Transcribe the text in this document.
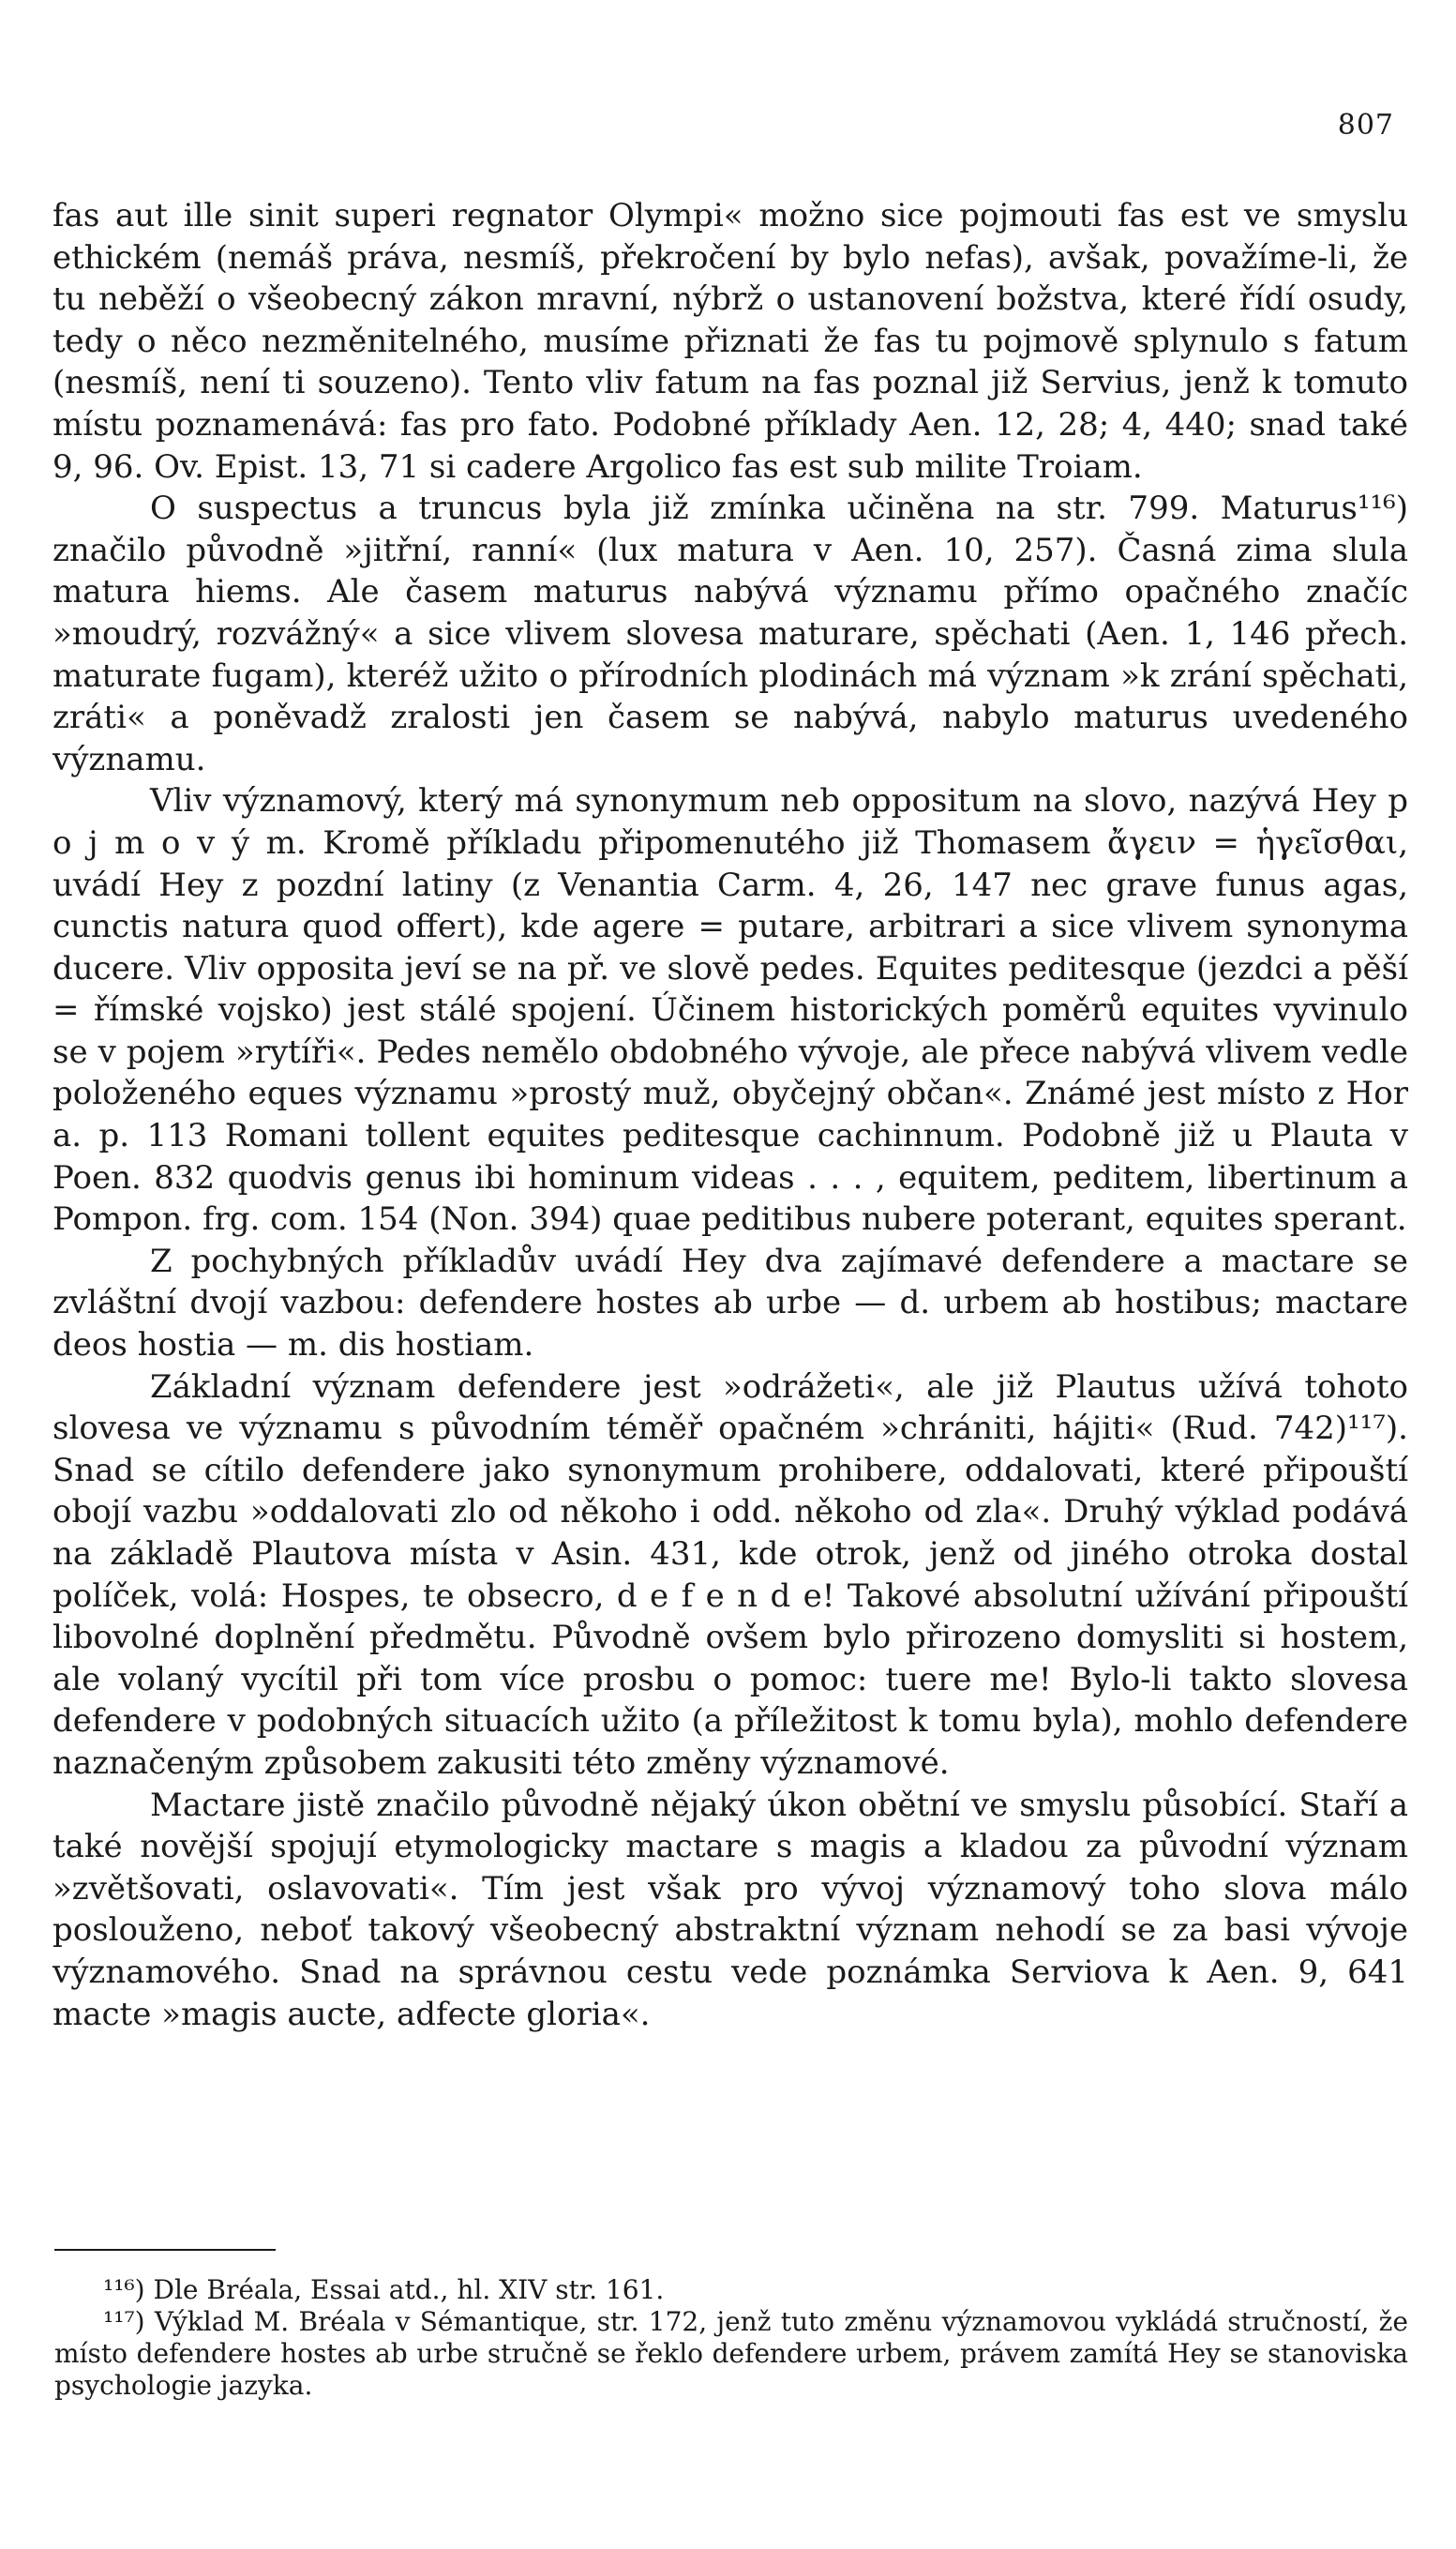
807

fas aut ille sinit superi regnator Olympi« možno sice pojmouti fas est ve smyslu ethickém (nemáš práva, nesmíš, překročení by bylo nefas), avšak, považíme-li, že tu neběží o všeobecný zákon mravní, nýbrž o ustanovení božstva, které řídí osudy, tedy o něco nezměnitelného, musíme přiznati že fas tu pojmově splynulo s fatum (nesmíš, není ti souzeno). Tento vliv fatum na fas poznal již Servius, jenž k tomuto místu poznamenává: fas pro fato. Podobné příklady Aen. 12, 28; 4, 440; snad také 9, 96. Ov. Epist. 13, 71 si cadere Argolico fas est sub milite Troiam.

O suspectus a truncus byla již zmínka učiněna na str. 799. Maturus¹¹⁶) značilo původně »jitřní, ranní« (lux matura v Aen. 10, 257). Časná zima slula matura hiems. Ale časem maturus nabývá významu přímo opačného značíc »moudrý, rozvážný« a sice vlivem slovesa maturare, spěchati (Aen. 1, 146 přech. maturate fugam), kteréž užito o přírodních plodinách má význam »k zrání spěchati, zráti« a poněvadž zralosti jen časem se nabývá, nabylo maturus uvedeného významu.

Vliv významový, který má synonymum neb oppositum na slovo, nazývá Hey p o j m o v ý m. Kromě příkladu připomenutého již Thomasem ἄγειν = ἡγεῖσθαι, uvádí Hey z pozdní latiny (z Venantia Carm. 4, 26, 147 nec grave funus agas, cunctis natura quod offert), kde agere = putare, arbitrari a sice vlivem synonyma ducere. Vliv opposita jeví se na př. ve slově pedes. Equites peditesque (jezdci a pěší = římské vojsko) jest stálé spojení. Účinem historických poměrů equites vyvinulo se v pojem »rytíři«. Pedes nemělo obdobného vývoje, ale přece nabývá vlivem vedle položeného eques významu »prostý muž, obyčejný občan«. Známé jest místo z Hor a. p. 113 Romani tollent equites peditesque cachinnum. Podobně již u Plauta v Poen. 832 quodvis genus ibi hominum videas . . . , equitem, peditem, libertinum a Pompon. frg. com. 154 (Non. 394) quae peditibus nubere poterant, equites sperant.

Z pochybných příkladův uvádí Hey dva zajímavé defendere a mactare se zvláštní dvojí vazbou: defendere hostes ab urbe — d. urbem ab hostibus; mactare deos hostia — m. dis hostiam.

Základní význam defendere jest »odrážeti«, ale již Plautus užívá tohoto slovesa ve významu s původním téměř opačném »chrániti, hájiti« (Rud. 742)¹¹⁷). Snad se cítilo defendere jako synonymum prohibere, oddalovati, které připouští obojí vazbu »oddalovati zlo od někoho i odd. někoho od zla«. Druhý výklad podává na základě Plautova místa v Asin. 431, kde otrok, jenž od jiného otroka dostal políček, volá: Hospes, te obsecro, d e f e n d e! Takové absolutní užívání připouští libovolné doplnění předmětu. Původně ovšem bylo přirozeno domysliti si hostem, ale volaný vycítil při tom více prosbu o pomoc: tuere me! Bylo-li takto slovesa defendere v podobných situacích užito (a příležitost k tomu byla), mohlo defendere naznačeným způsobem zakusiti této změny významové.

Mactare jistě značilo původně nějaký úkon obětní ve smyslu působící. Staří a také novější spojují etymologicky mactare s magis a kladou za původní význam »zvětšovati, oslavovati«. Tím jest však pro vývoj významový toho slova málo poslouženo, neboť takový všeobecný abstraktní význam nehodí se za basi vývoje významového. Snad na správnou cestu vede poznámka Serviova k Aen. 9, 641 macte »magis aucte, adfecte gloria«.

¹¹⁶) Dle Bréala, Essai atd., hl. XIV str. 161.

¹¹⁷) Výklad M. Bréala v Sémantique, str. 172, jenž tuto změnu významovou vykládá stručností, že místo defendere hostes ab urbe stručně se řeklo defendere urbem, právem zamítá Hey se stanoviska psychologie jazyka.
